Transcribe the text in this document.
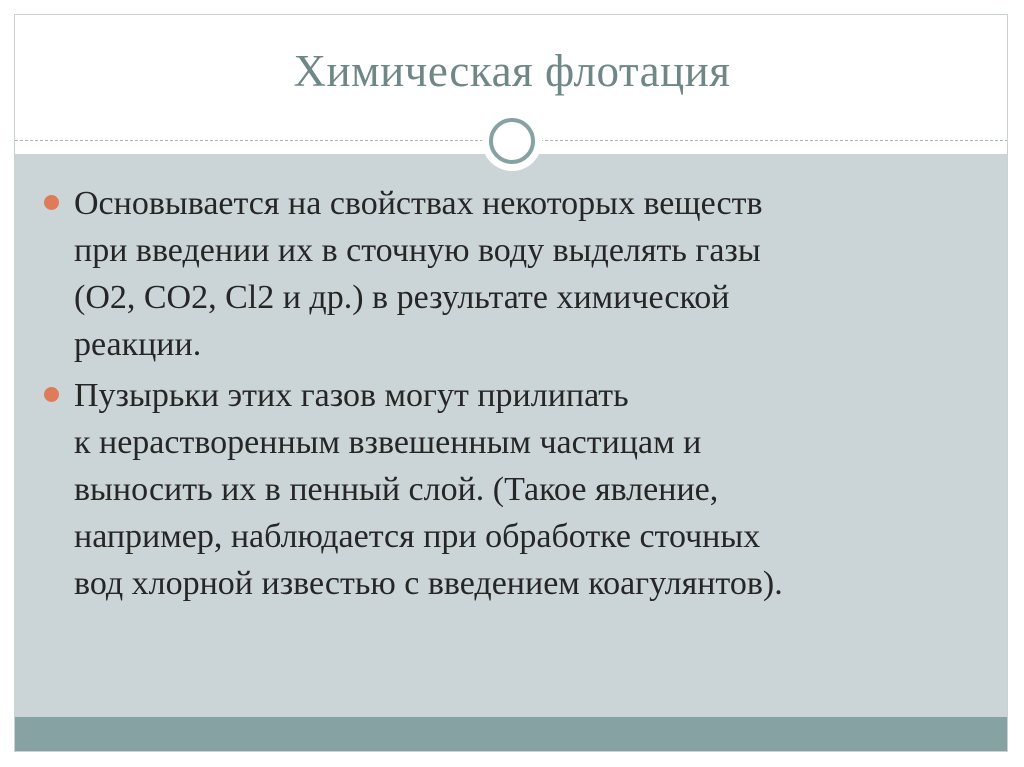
Химическая флотация
Основывается на свойствах некоторых веществ
при введении их в сточную воду выделять газы
(O2, CO2, Cl2 и др.) в результате химической
реакции.
Пузырьки этих газов могут прилипать
к нерастворенным взвешенным частицам и
выносить их в пенный слой. (Такое явление,
например, наблюдается при обработке сточных
вод хлорной известью с введением коагулянтов).
